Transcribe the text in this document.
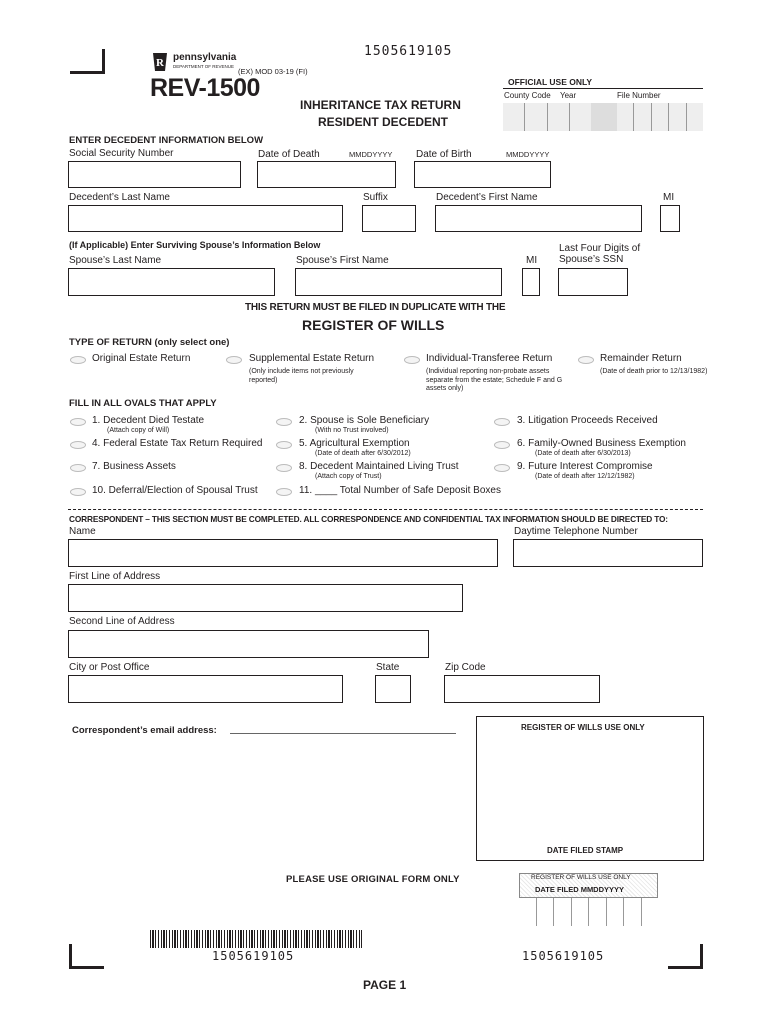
1505619105
R pennsylvania
DEPARTMENT OF REVENUE
(EX) MOD 03-19 (FI)
REV-1500
INHERITANCE TAX RETURN
RESIDENT DECEDENT
OFFICIAL USE ONLY
County Code Year	File Number
ENTER DECEDENT INFORMATION BELOW
Social Security Number	Date of Death	MMDDYYYY Date of Birth	MMDDYYYY
Decedent’s Last Name	Suffix	Decedent’s First Name	MI
(If Applicable) Enter Surviving Spouse’s Information Below
Spouse’s Last Name	Spouse’s First Name	MI
Last Four Digits of
Spouse’s SSN
THIS RETURN MUST BE FILED IN DUPLICATE WITH THE
REGISTER OF WILLS
TYPE OF RETURN (only select one)
Original Estate Return	Supplemental Estate Return
(Only include items not previously reported)
Individual-Transferee Return
(Individual reporting non-probate assets separate from the estate; Schedule F and G assets only)
Remainder Return
(Date of death prior to 12/13/1982)
FILL IN ALL OVALS THAT APPLY
1. Decedent Died Testate
(Attach copy of Will)
2. Spouse is Sole Beneficiary
(With no Trust involved)
3. Litigation Proceeds Received
4. Federal Estate Tax Return Required	5. Agricultural Exemption
(Date of death after 6/30/2012)
6. Family-Owned Business Exemption
(Date of death after 6/30/2013)
7. Business Assets	8. Decedent Maintained Living Trust
(Attach copy of Trust)
9. Future Interest Compromise
(Date of death after 12/12/1982)
10. Deferral/Election of Spousal Trust	11. ____ Total Number of Safe Deposit Boxes
CORRESPONDENT – THIS SECTION MUST BE COMPLETED. ALL CORRESPONDENCE AND CONFIDENTIAL TAX INFORMATION SHOULD BE DIRECTED TO:
Name	Daytime Telephone Number
First Line of Address
Second Line of Address
City or Post Office	State	Zip Code
Correspondent’s email address:	REGISTER OF WILLS USE ONLY
DATE FILED STAMP
PLEASE USE ORIGINAL FORM ONLY	REGISTER OF WILLS USE ONLY
DATE FILED MMDDYYYY
1505619105	1505619105
PAGE 1
